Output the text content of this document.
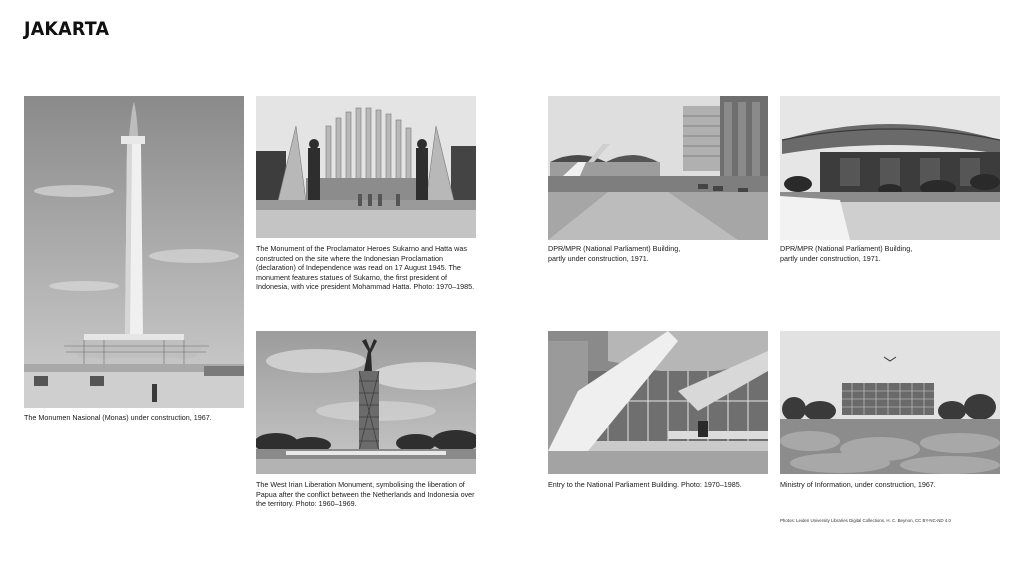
JAKARTA
The Monumen Nasional (Monas) under construction, 1967.
The Monument of the Proclamator Heroes Sukarno and Hatta was constructed on the site where the Indonesian Proclamation (declaration) of Independence was read on 17 August 1945. The monument features statues of Sukarno, the first president of Indonesia, with vice president Mohammad Hatta. Photo: 1970–1985.
The West Irian Liberation Monument, symbolising the liberation of Papua after the conflict between the Netherlands and Indonesia over the territory. Photo: 1960–1969.
DPR/MPR (National Parliament) Building, partly under construction, 1971.
DPR/MPR (National Parliament) Building, partly under construction, 1971.
Entry to the National Parliament Building. Photo: 1970–1985.	Ministry of Information, under construction, 1967.
Photos: Leiden University Libraries Digital Collections, H. C. Beynon, CC BY-NC-ND 4.0
